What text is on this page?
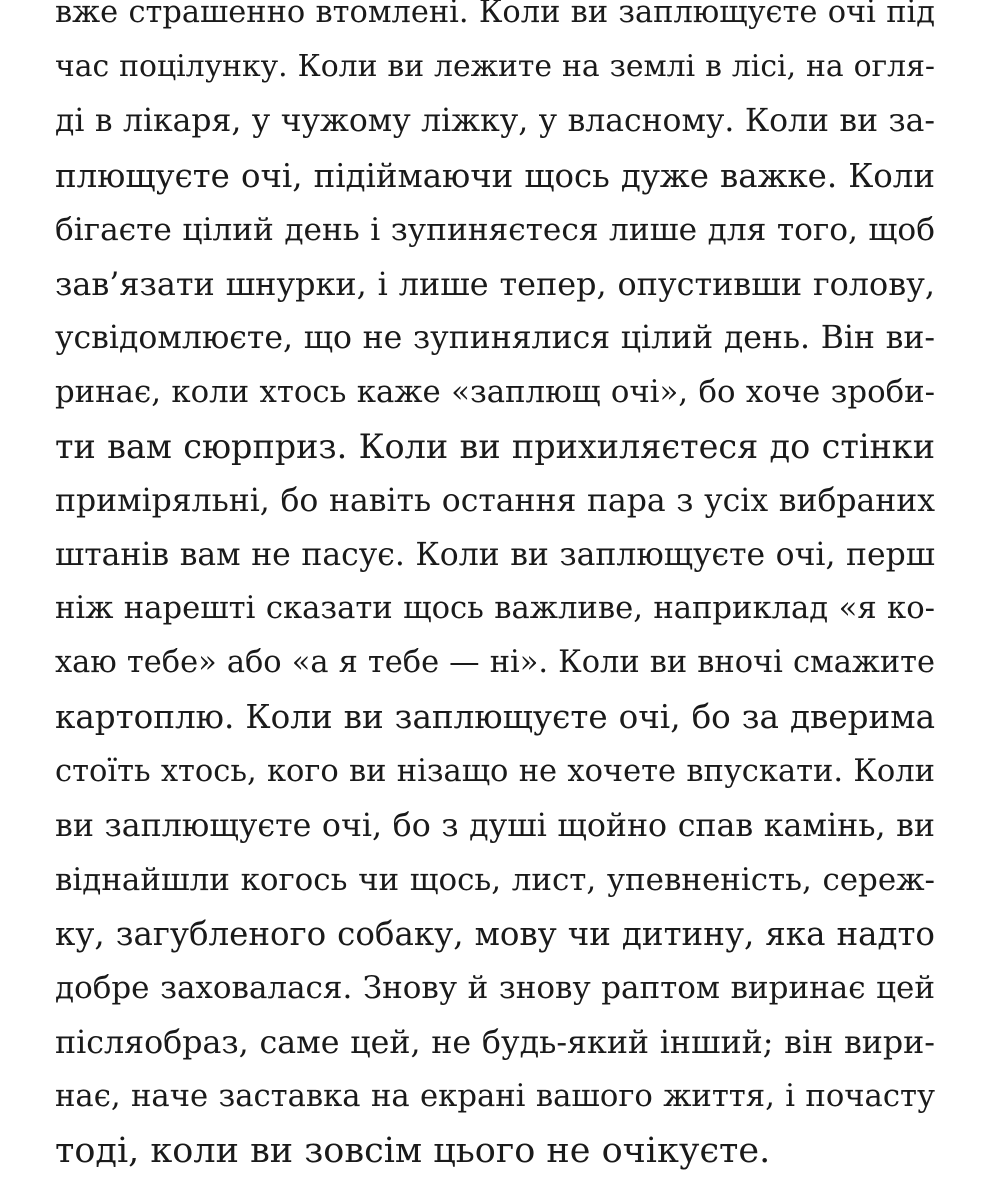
вже страшенно втомлені. Коли ви заплющуєте очі під
час поцілунку. Коли ви лежите на землі в лісі, на огля-
ді в лікаря, у чужому ліжку, у власному. Коли ви за-
плющуєте очі, підіймаючи щось дуже важке. Коли
бігаєте цілий день і зупиняєтеся лише для того, щоб
зав’язати шнурки, і лише тепер, опустивши голову,
усвідомлюєте, що не зупинялися цілий день. Він ви-
ринає, коли хтось каже «заплющ очі», бо хоче зроби-
ти вам сюрприз. Коли ви прихиляєтеся до стінки
приміряльні, бо навіть остання пара з усіх вибраних
штанів вам не пасує. Коли ви заплющуєте очі, перш
ніж нарешті сказати щось важливе, наприклад «я ко-
хаю тебе» або «а я тебе — ні». Коли ви вночі смажите
картоплю. Коли ви заплющуєте очі, бо за дверима
стоїть хтось, кого ви нізащо не хочете впускати. Коли
ви заплющуєте очі, бо з душі щойно спав камінь, ви
віднайшли когось чи щось, лист, упевненість, сереж-
ку, загубленого собаку, мову чи дитину, яка надто
добре заховалася. Знову й знову раптом виринає цей
післяобраз, саме цей, не будь-який інший; він вири-
нає, наче заставка на екрані вашого життя, і почасту
тоді, коли ви зовсім цього не очікуєте.
